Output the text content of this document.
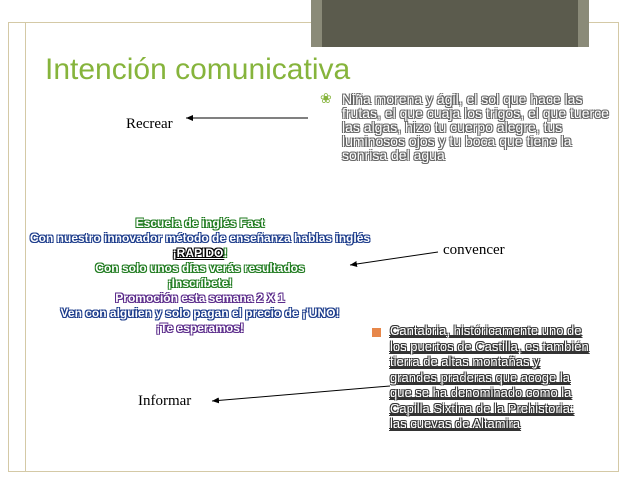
Intención comunicativa
❀ Niña morena y ágil, el sol que hace las frutas, el que cuaja los trigos, el que tuerce las algas, hizo tu cuerpo alegre, tus luminosos ojos y tu boca que tiene la sonrisa del agua
Recrear
convencer
Informar
Escuela de inglés Fast
Con nuestro innovador método de enseñanza hablas inglés
¡RAPIDO!
Con solo unos días verás resultados
¡Inscríbete!
Promoción esta semana 2 X 1
Ven con alguien y solo pagan el precio de ¡'UNO!
¡Te esperamos!	Cantabria, históricamente uno de los puertos de Castilla, es también tierra de altas montañas y grandes praderas que acoge la que se ha denominado como la Capilla Sixtina de la Prehistoria: las cuevas de Altamira
